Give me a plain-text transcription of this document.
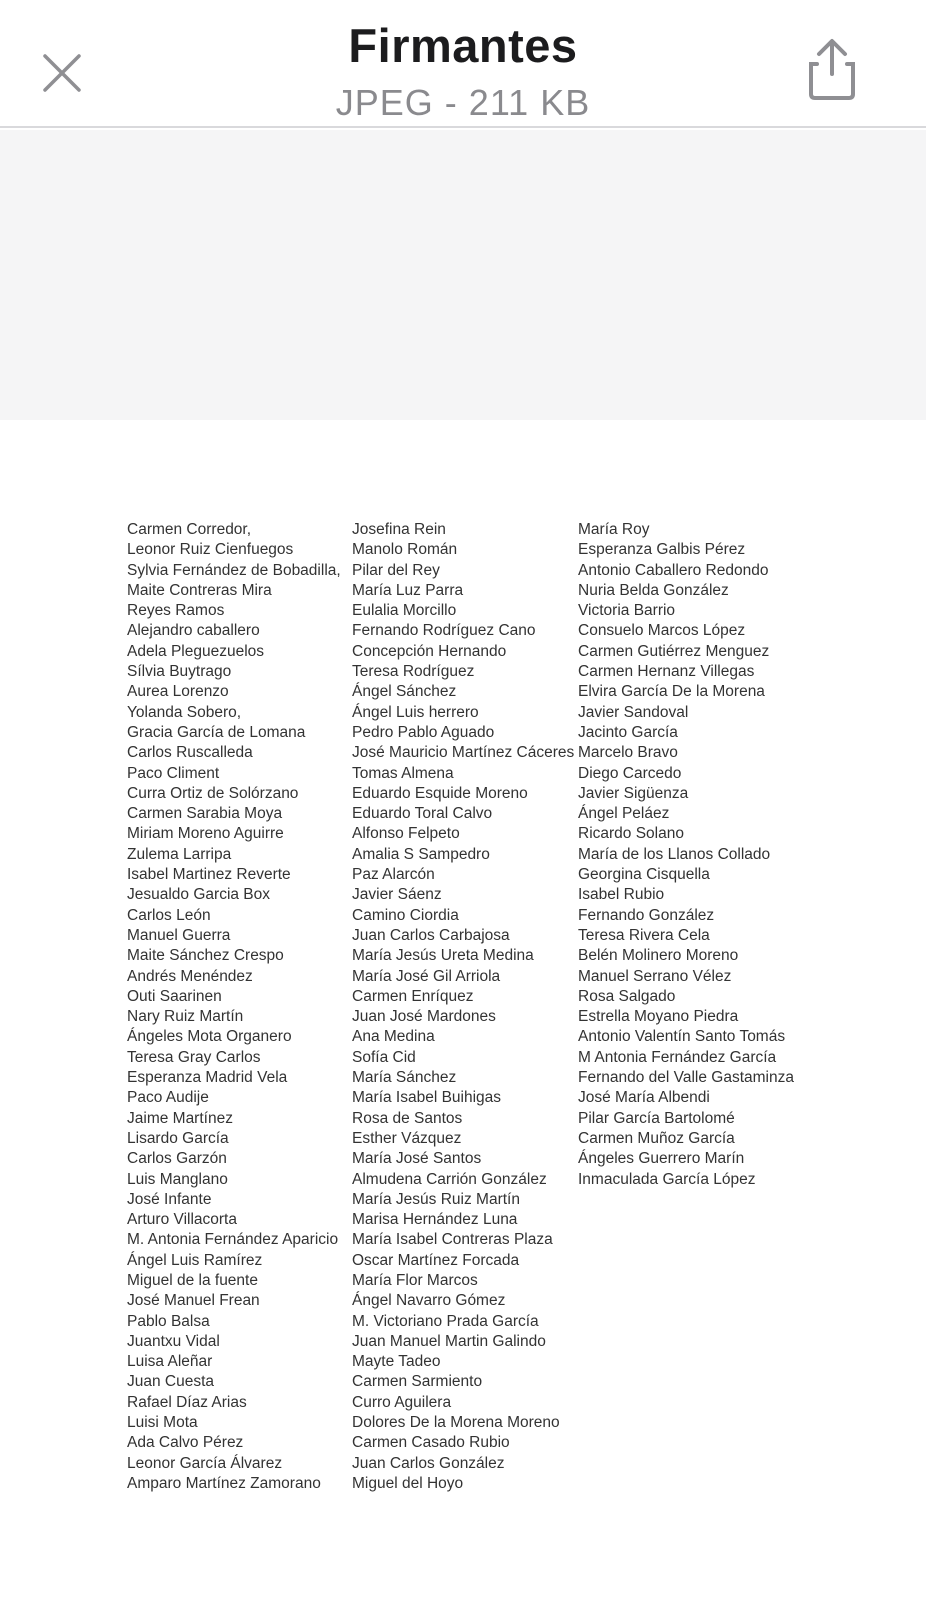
Firmantes
JPEG - 211 KB
Carmen Corredor,
Leonor Ruiz Cienfuegos
Sylvia Fernández de Bobadilla,
Maite Contreras Mira
Reyes Ramos
Alejandro caballero
Adela Pleguezuelos
Sílvia Buytrago
Aurea Lorenzo
Yolanda Sobero,
Gracia García de Lomana
Carlos Ruscalleda
Paco Climent
Curra Ortiz de Solórzano
Carmen Sarabia Moya
Miriam Moreno Aguirre
Zulema Larripa
Isabel Martinez Reverte
Jesualdo Garcia Box
Carlos León
Manuel Guerra
Maite Sánchez Crespo
Andrés Menéndez
Outi Saarinen
Nary Ruiz Martín
Ángeles Mota Organero
Teresa Gray Carlos
Esperanza Madrid Vela
Paco Audije
Jaime Martínez
Lisardo García
Carlos Garzón
Luis Manglano
José Infante
Arturo Villacorta
M. Antonia Fernández Aparicio
Ángel Luis Ramírez
Miguel de la fuente
José Manuel Frean
Pablo Balsa
Juantxu Vidal
Luisa Aleñar
Juan Cuesta
Rafael Díaz Arias
Luisi Mota
Ada Calvo Pérez
Leonor García Álvarez
Amparo Martínez Zamorano
Josefina Rein
Manolo Román
Pilar del Rey
María Luz Parra
Eulalia Morcillo
Fernando Rodríguez Cano
Concepción Hernando
Teresa Rodríguez
Ángel Sánchez
Ángel Luis herrero
Pedro Pablo Aguado
José Mauricio Martínez Cáceres
Tomas Almena
Eduardo Esquide Moreno
Eduardo Toral Calvo
Alfonso Felpeto
Amalia S Sampedro
Paz Alarcón
Javier Sáenz
Camino Ciordia
Juan Carlos Carbajosa
María Jesús Ureta Medina
María José Gil Arriola
Carmen Enríquez
Juan José Mardones
Ana Medina
Sofía Cid
María Sánchez
María Isabel Buihigas
Rosa de Santos
Esther Vázquez
María José Santos
Almudena Carrión González
María Jesús Ruiz Martín
Marisa Hernández Luna
María Isabel Contreras Plaza
Oscar Martínez Forcada
María Flor Marcos
Ángel Navarro Gómez
M. Victoriano Prada García
Juan Manuel Martin Galindo
Mayte Tadeo
Carmen Sarmiento
Curro Aguilera
Dolores De la Morena Moreno
Carmen Casado Rubio
Juan Carlos González
Miguel del Hoyo
María Roy
Esperanza Galbis Pérez
Antonio Caballero Redondo
Nuria Belda González
Victoria Barrio
Consuelo Marcos López
Carmen Gutiérrez Menguez
Carmen Hernanz Villegas
Elvira García De la Morena
Javier Sandoval
Jacinto García
Marcelo Bravo
Diego Carcedo
Javier Sigüenza
Ángel Peláez
Ricardo Solano
María de los Llanos Collado
Georgina Cisquella
Isabel Rubio
Fernando González
Teresa Rivera Cela
Belén Molinero Moreno
Manuel Serrano Vélez
Rosa Salgado
Estrella Moyano Piedra
Antonio Valentín Santo Tomás
M Antonia Fernández García
Fernando del Valle Gastaminza
José María Albendi
Pilar García Bartolomé
Carmen Muñoz García
Ángeles Guerrero Marín
Inmaculada García López
